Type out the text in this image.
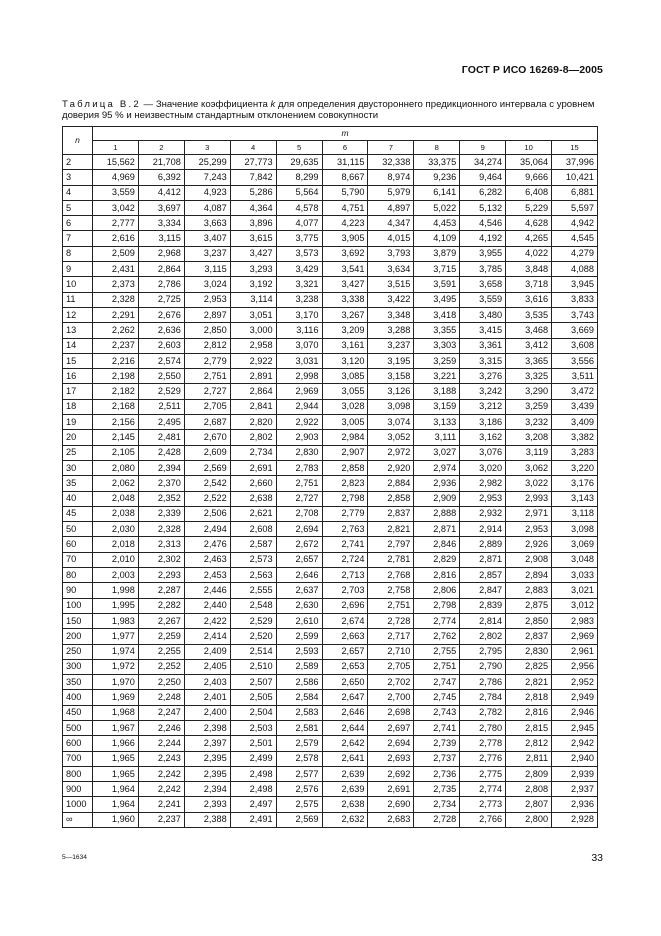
ГОСТ Р ИСО 16269-8—2005
Таблица В.2 — Значение коэффициента k для определения двустороннего предикционного интервала с уровнем доверия 95 % и неизвестным стандартным отклонением совокупности
n	m										
	1	2	3	4	5	6	7	8	9	10	15
2	15,562	21,708	25,299	27,773	29,635	31,115	32,338	33,375	34,274	35,064	37,996
3	4,969	6,392	7,243	7,842	8,299	8,667	8,974	9,236	9,464	9,666	10,421
4	3,559	4,412	4,923	5,286	5,564	5,790	5,979	6,141	6,282	6,408	6,881
5	3,042	3,697	4,087	4,364	4,578	4,751	4,897	5,022	5,132	5,229	5,597
6	2,777	3,334	3,663	3,896	4,077	4,223	4,347	4,453	4,546	4,628	4,942
7	2,616	3,115	3,407	3,615	3,775	3,905	4,015	4,109	4,192	4,265	4,545
8	2,509	2,968	3,237	3,427	3,573	3,692	3,793	3,879	3,955	4,022	4,279
9	2,431	2,864	3,115	3,293	3,429	3,541	3,634	3,715	3,785	3,848	4,088
10	2,373	2,786	3,024	3,192	3,321	3,427	3,515	3,591	3,658	3,718	3,945
11	2,328	2,725	2,953	3,114	3,238	3,338	3,422	3,495	3,559	3,616	3,833
12	2,291	2,676	2,897	3,051	3,170	3,267	3,348	3,418	3,480	3,535	3,743
13	2,262	2,636	2,850	3,000	3,116	3,209	3,288	3,355	3,415	3,468	3,669
14	2,237	2,603	2,812	2,958	3,070	3,161	3,237	3,303	3,361	3,412	3,608
15	2,216	2,574	2,779	2,922	3,031	3,120	3,195	3,259	3,315	3,365	3,556
16	2,198	2,550	2,751	2,891	2,998	3,085	3,158	3,221	3,276	3,325	3,511
17	2,182	2,529	2,727	2,864	2,969	3,055	3,126	3,188	3,242	3,290	3,472
18	2,168	2,511	2,705	2,841	2,944	3,028	3,098	3,159	3,212	3,259	3,439
19	2,156	2,495	2,687	2,820	2,922	3,005	3,074	3,133	3,186	3,232	3,409
20	2,145	2,481	2,670	2,802	2,903	2,984	3,052	3,111	3,162	3,208	3,382
25	2,105	2,428	2,609	2,734	2,830	2,907	2,972	3,027	3,076	3,119	3,283
30	2,080	2,394	2,569	2,691	2,783	2,858	2,920	2,974	3,020	3,062	3,220
35	2,062	2,370	2,542	2,660	2,751	2,823	2,884	2,936	2,982	3,022	3,176
40	2,048	2,352	2,522	2,638	2,727	2,798	2,858	2,909	2,953	2,993	3,143
45	2,038	2,339	2,506	2,621	2,708	2,779	2,837	2,888	2,932	2,971	3,118
50	2,030	2,328	2,494	2,608	2,694	2,763	2,821	2,871	2,914	2,953	3,098
60	2,018	2,313	2,476	2,587	2,672	2,741	2,797	2,846	2,889	2,926	3,069
70	2,010	2,302	2,463	2,573	2,657	2,724	2,781	2,829	2,871	2,908	3,048
80	2,003	2,293	2,453	2,563	2,646	2,713	2,768	2,816	2,857	2,894	3,033
90	1,998	2,287	2,446	2,555	2,637	2,703	2,758	2,806	2,847	2,883	3,021
100	1,995	2,282	2,440	2,548	2,630	2,696	2,751	2,798	2,839	2,875	3,012
150	1,983	2,267	2,422	2,529	2,610	2,674	2,728	2,774	2,814	2,850	2,983
200	1,977	2,259	2,414	2,520	2,599	2,663	2,717	2,762	2,802	2,837	2,969
250	1,974	2,255	2,409	2,514	2,593	2,657	2,710	2,755	2,795	2,830	2,961
300	1,972	2,252	2,405	2,510	2,589	2,653	2,705	2,751	2,790	2,825	2,956
350	1,970	2,250	2,403	2,507	2,586	2,650	2,702	2,747	2,786	2,821	2,952
400	1,969	2,248	2,401	2,505	2,584	2,647	2,700	2,745	2,784	2,818	2,949
450	1,968	2,247	2,400	2,504	2,583	2,646	2,698	2,743	2,782	2,816	2,946
500	1,967	2,246	2,398	2,503	2,581	2,644	2,697	2,741	2,780	2,815	2,945
600	1,966	2,244	2,397	2,501	2,579	2,642	2,694	2,739	2,778	2,812	2,942
700	1,965	2,243	2,395	2,499	2,578	2,641	2,693	2,737	2,776	2,811	2,940
800	1,965	2,242	2,395	2,498	2,577	2,639	2,692	2,736	2,775	2,809	2,939
900	1,964	2,242	2,394	2,498	2,576	2,639	2,691	2,735	2,774	2,808	2,937
1000	1,964	2,241	2,393	2,497	2,575	2,638	2,690	2,734	2,773	2,807	2,936
∞	1,960	2,237	2,388	2,491	2,569	2,632	2,683	2,728	2,766	2,800	2,928
5—1634	33
